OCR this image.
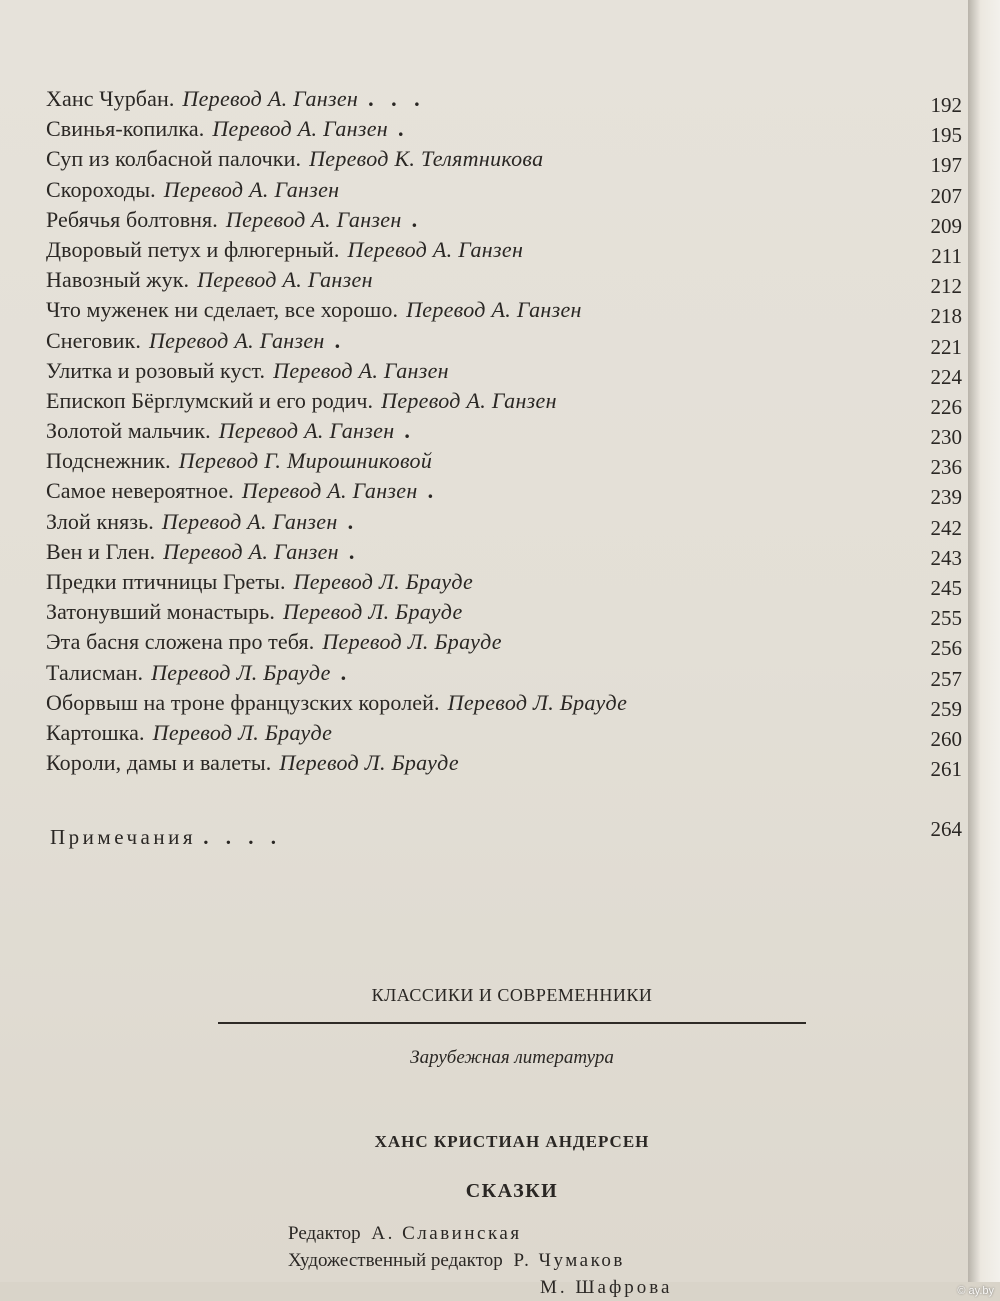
Ханс Чурбан. Перевод А. Ганзен . . .	192
Свинья-копилка. Перевод А. Ганзен .	195
Суп из колбасной палочки. Перевод К. Телятникова	197
Скороходы. Перевод А. Ганзен	207
Ребячья болтовня. Перевод А. Ганзен .	209
Дворовый петух и флюгерный. Перевод А. Ганзен	211
Навозный жук. Перевод А. Ганзен	212
Что муженек ни сделает, все хорошо. Перевод А. Ганзен	218
Снеговик. Перевод А. Ганзен .	221
Улитка и розовый куст. Перевод А. Ганзен	224
Епископ Бёрглумский и его родич. Перевод А. Ганзен	226
Золотой мальчик. Перевод А. Ганзен .	230
Подснежник. Перевод Г. Мирошниковой	236
Самое невероятное. Перевод А. Ганзен .	239
Злой князь. Перевод А. Ганзен .	242
Вен и Глен. Перевод А. Ганзен .	243
Предки птичницы Греты. Перевод Л. Брауде	245
Затонувший монастырь. Перевод Л. Брауде	255
Эта басня сложена про тебя. Перевод Л. Брауде	256
Талисман. Перевод Л. Брауде .	257
Оборвыш на троне французских королей. Перевод Л. Брауде	259
Картошка. Перевод Л. Брауде	260
Короли, дамы и валеты. Перевод Л. Брауде	261
Примечания . . . .	264
КЛАССИКИ И СОВРЕМЕННИКИ
Зарубежная литература
ХАНС КРИСТИАН АНДЕРСЕН
СКАЗКИ
Редактор А. Славинская
Художественный редактор Р. Чумаков
М. Шафрова	© ay.by
